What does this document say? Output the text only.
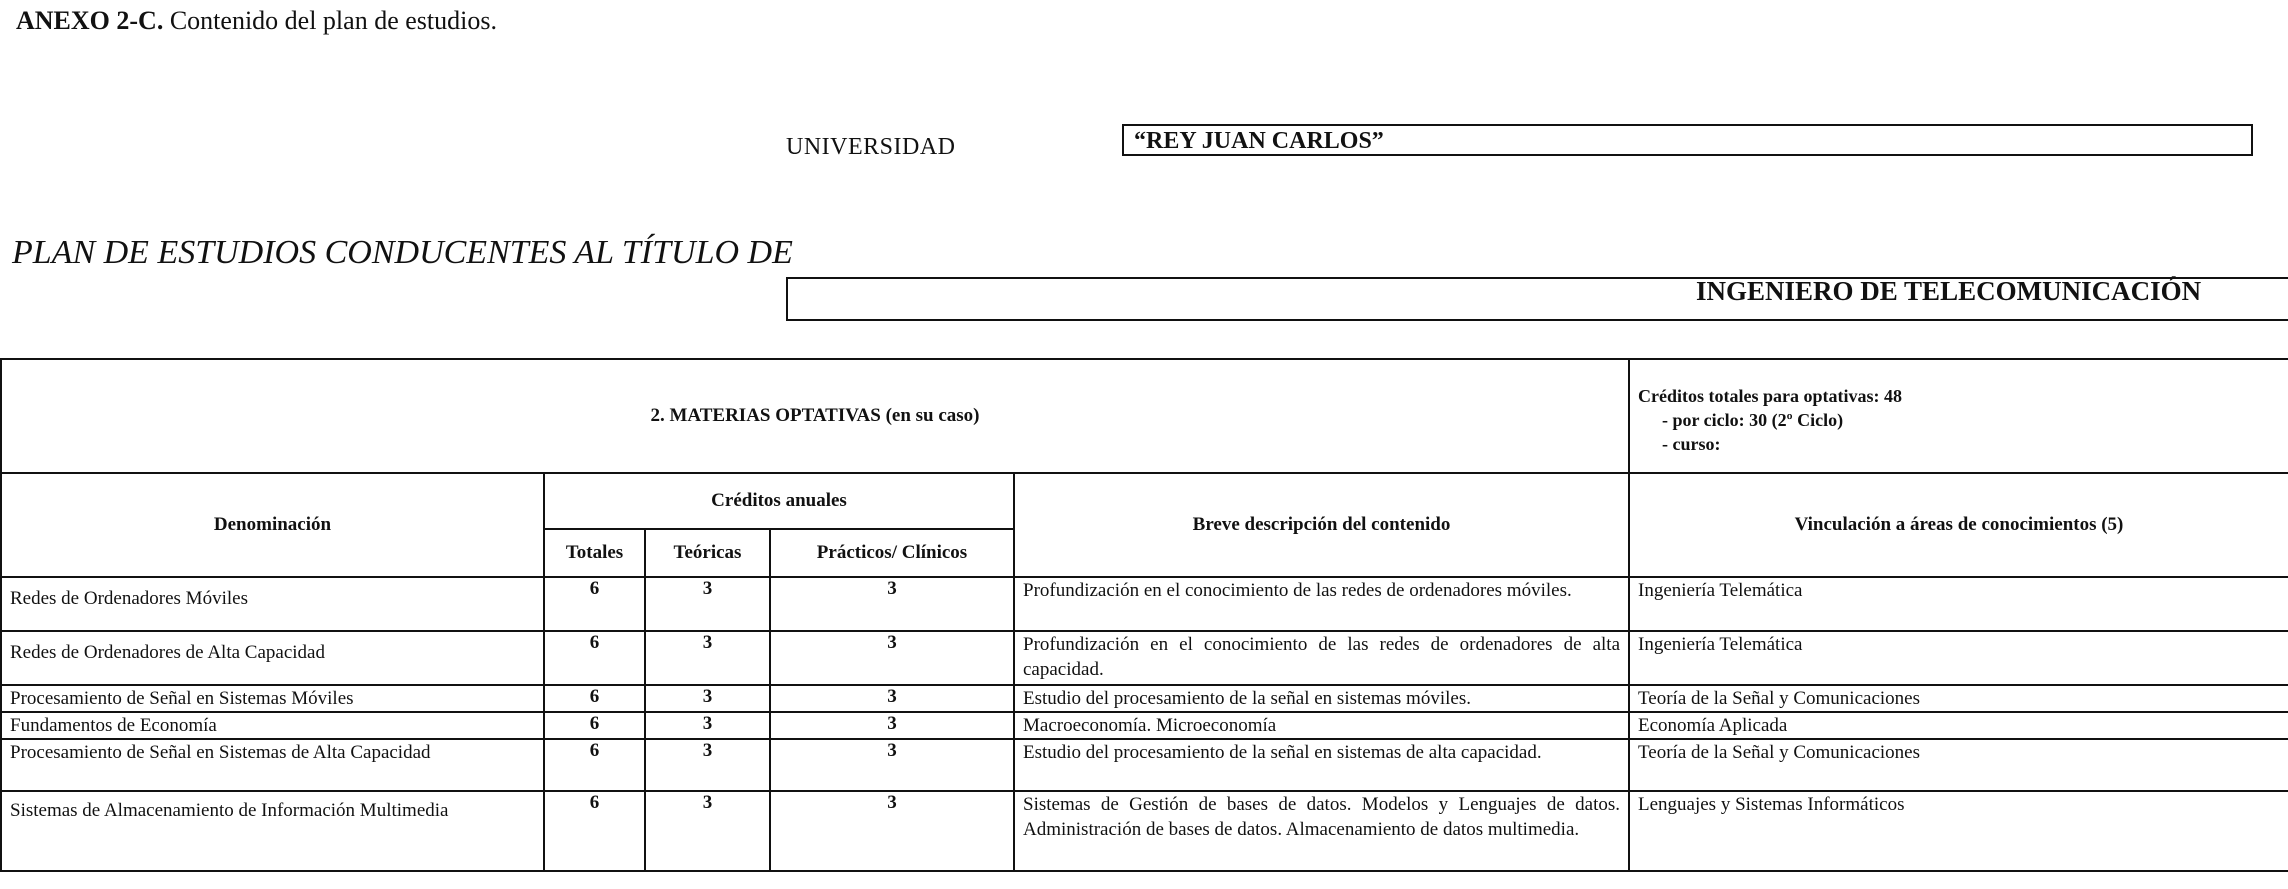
ANEXO 2-C. Contenido del plan de estudios.
UNIVERSIDAD	“REY JUAN CARLOS”
PLAN DE ESTUDIOS CONDUCENTES AL TÍTULO DE
INGENIERO DE TELECOMUNICACIÓN
2. MATERIAS OPTATIVAS (en su caso)					Créditos totales para optativas: 48
- por ciclo: 30 (2º Ciclo)
- curso:

Denominación	Créditos anuales			Breve descripción del contenido	Vinculación a áreas de conocimientos (5)
	Totales	Teóricas	Prácticos/ Clínicos		
Redes de Ordenadores Móviles	6	3	3	Profundización en el conocimiento de las redes de ordenadores móviles.	Ingeniería Telemática
Redes de Ordenadores de Alta Capacidad	6	3	3	Profundización en el conocimiento de las redes de ordenadores de alta capacidad.	Ingeniería Telemática
Procesamiento de Señal en Sistemas Móviles	6	3	3	Estudio del procesamiento de la señal en sistemas móviles.	Teoría de la Señal y Comunicaciones
Fundamentos de Economía	6	3	3	Macroeconomía. Microeconomía	Economía Aplicada
Procesamiento de Señal en Sistemas de Alta Capacidad	6	3	3	Estudio del procesamiento de la señal en sistemas de alta capacidad.	Teoría de la Señal y Comunicaciones
Sistemas de Almacenamiento de Información Multimedia	6	3	3	Sistemas de Gestión de bases de datos. Modelos y Lenguajes de datos. Administración de bases de datos. Almacenamiento de datos multimedia.	Lenguajes y Sistemas Informáticos
